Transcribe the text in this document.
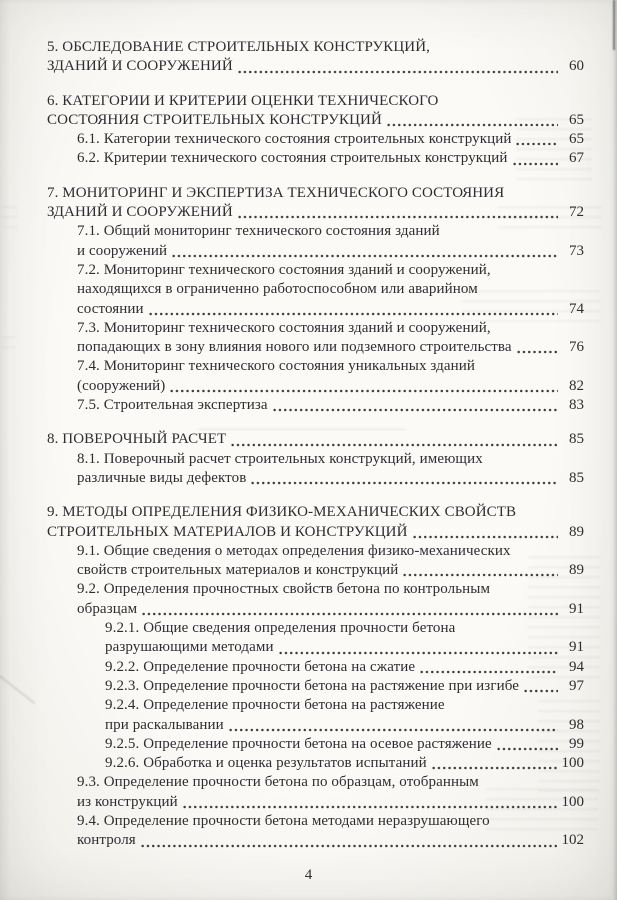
5. ОБСЛЕДОВАНИЕ СТРОИТЕЛЬНЫХ КОНСТРУКЦИЙ,
ЗДАНИЙ И СООРУЖЕНИЙ	60
6. КАТЕГОРИИ И КРИТЕРИИ ОЦЕНКИ ТЕХНИЧЕСКОГО
СОСТОЯНИЯ СТРОИТЕЛЬНЫХ КОНСТРУКЦИЙ	65
6.1. Категории технического состояния строительных конструкций	65
6.2. Критерии технического состояния строительных конструкций	67
7. МОНИТОРИНГ И ЭКСПЕРТИЗА ТЕХНИЧЕСКОГО СОСТОЯНИЯ
ЗДАНИЙ И СООРУЖЕНИЙ	72
7.1. Общий мониторинг технического состояния зданий
и сооружений	73
7.2. Мониторинг технического состояния зданий и сооружений,
находящихся в ограниченно работоспособном или аварийном
состоянии	74
7.3. Мониторинг технического состояния зданий и сооружений,
попадающих в зону влияния нового или подземного строительства	76
7.4. Мониторинг технического состояния уникальных зданий
(сооружений)	82
7.5. Строительная экспертиза	83
8. ПОВЕРОЧНЫЙ РАСЧЕТ	85
8.1. Поверочный расчет строительных конструкций, имеющих
различные виды дефектов	85
9. МЕТОДЫ ОПРЕДЕЛЕНИЯ ФИЗИКО-МЕХАНИЧЕСКИХ СВОЙСТВ
СТРОИТЕЛЬНЫХ МАТЕРИАЛОВ И КОНСТРУКЦИЙ	89
9.1. Общие сведения о методах определения физико-механических
свойств строительных материалов и конструкций	89
9.2. Определения прочностных свойств бетона по контрольным
образцам	91
9.2.1. Общие сведения определения прочности бетона
разрушающими методами	91
9.2.2. Определение прочности бетона на сжатие	94
9.2.3. Определение прочности бетона на растяжение при изгибе	97
9.2.4. Определение прочности бетона на растяжение
при раскалывании	98
9.2.5. Определение прочности бетона на осевое растяжение	99
9.2.6. Обработка и оценка результатов испытаний	100
9.3. Определение прочности бетона по образцам, отобранным
из конструкций	100
9.4. Определение прочности бетона методами неразрушающего
контроля	102
4
